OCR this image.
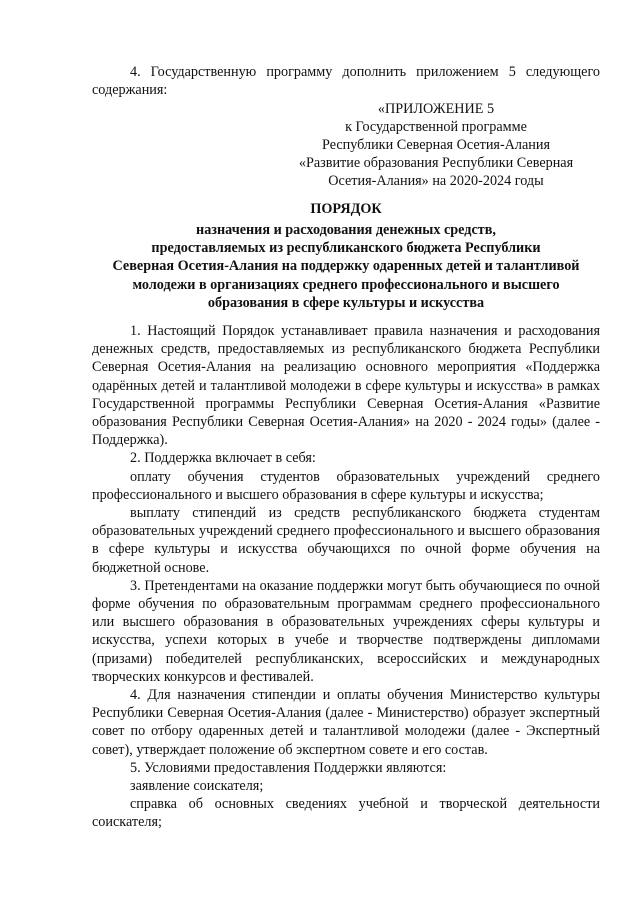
4. Государственную программу дополнить приложением 5 следующего содержания:

«ПРИЛОЖЕНИЕ 5
к Государственной программе
Республики Северная Осетия-Алания
«Развитие образования Республики Северная
Осетия-Алания» на 2020-2024 годы

ПОРЯДОК

назначения и расходования денежных средств,
предоставляемых из республиканского бюджета Республики
Северная Осетия-Алания на поддержку одаренных детей и талантливой
молодежи в организациях среднего профессионального и высшего
образования в сфере культуры и искусства

1. Настоящий Порядок устанавливает правила назначения и расходования денежных средств, предоставляемых из республиканского бюджета Республики Северная Осетия-Алания на реализацию основного мероприятия «Поддержка одарённых детей и талантливой молодежи в сфере культуры и искусства» в рамках Государственной программы Республики Северная Осетия-Алания «Развитие образования Республики Северная Осетия-Алания» на 2020 - 2024 годы» (далее - Поддержка).

2. Поддержка включает в себя:

оплату обучения студентов образовательных учреждений среднего профессионального и высшего образования в сфере культуры и искусства;

выплату стипендий из средств республиканского бюджета студентам образовательных учреждений среднего профессионального и высшего образования в сфере культуры и искусства обучающихся по очной форме обучения на бюджетной основе.

3. Претендентами на оказание поддержки могут быть обучающиеся по очной форме обучения по образовательным программам среднего профессионального или высшего образования в образовательных учреждениях сферы культуры и искусства, успехи которых в учебе и творчестве подтверждены дипломами (призами) победителей республиканских, всероссийских и международных творческих конкурсов и фестивалей.

4. Для назначения стипендии и оплаты обучения Министерство культуры Республики Северная Осетия-Алания (далее - Министерство) образует экспертный совет по отбору одаренных детей и талантливой молодежи (далее - Экспертный совет), утверждает положение об экспертном совете и его состав.

5. Условиями предоставления Поддержки являются:

заявление соискателя;

справка об основных сведениях учебной и творческой деятельности соискателя;
